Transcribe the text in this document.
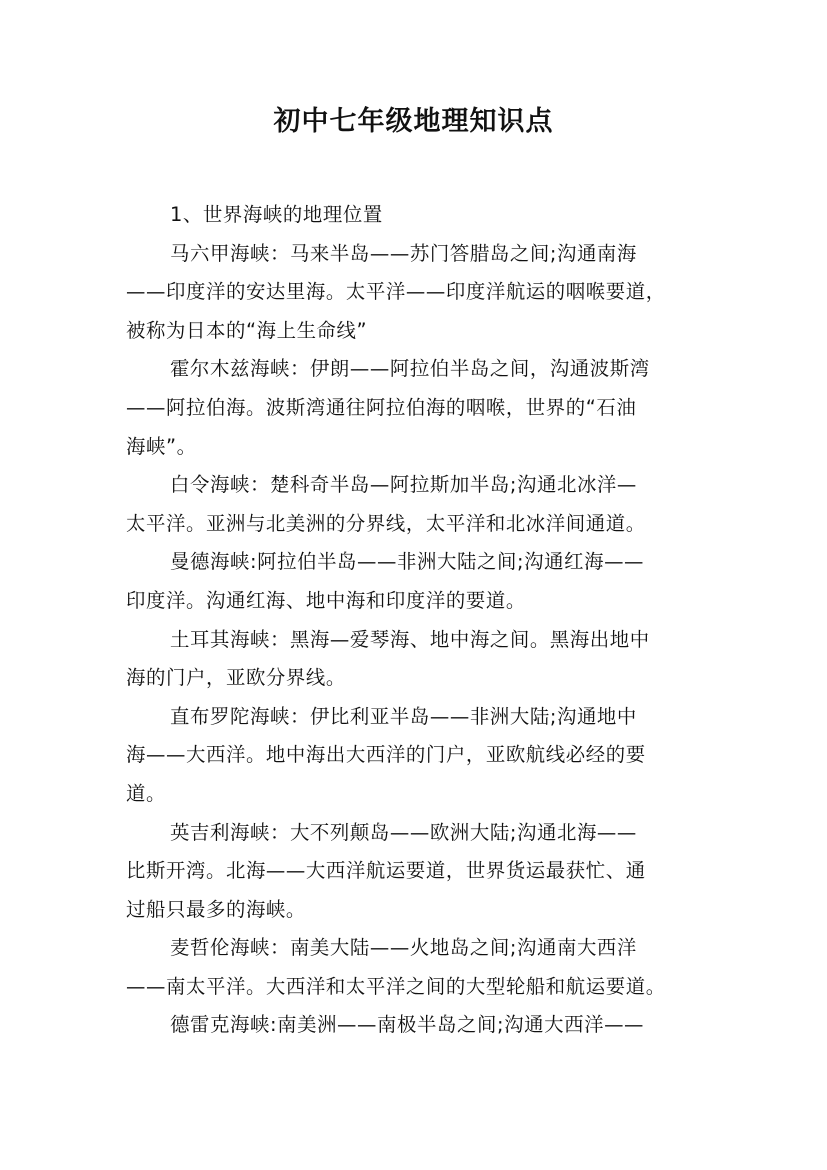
初中七年级地理知识点
1、世界海峡的地理位置
马六甲海峡：马来半岛——苏门答腊岛之间;沟通南海
——印度洋的安达里海。太平洋——印度洋航运的咽喉要道，
被称为日本的“海上生命线”
霍尔木兹海峡：伊朗——阿拉伯半岛之间，沟通波斯湾
——阿拉伯海。波斯湾通往阿拉伯海的咽喉，世界的“石油
海峡”。
白令海峡：楚科奇半岛—阿拉斯加半岛;沟通北冰洋—
太平洋。亚洲与北美洲的分界线，太平洋和北冰洋间通道。
曼德海峡:阿拉伯半岛——非洲大陆之间;沟通红海——
印度洋。沟通红海、地中海和印度洋的要道。
土耳其海峡：黑海—爱琴海、地中海之间。黑海出地中
海的门户，亚欧分界线。
直布罗陀海峡：伊比利亚半岛——非洲大陆;沟通地中
海——大西洋。地中海出大西洋的门户，亚欧航线必经的要
道。
英吉利海峡：大不列颠岛——欧洲大陆;沟通北海——
比斯开湾。北海——大西洋航运要道，世界货运最获忙、通
过船只最多的海峡。
麦哲伦海峡：南美大陆——火地岛之间;沟通南大西洋
——南太平洋。大西洋和太平洋之间的大型轮船和航运要道。
德雷克海峡:南美洲——南极半岛之间;沟通大西洋——
